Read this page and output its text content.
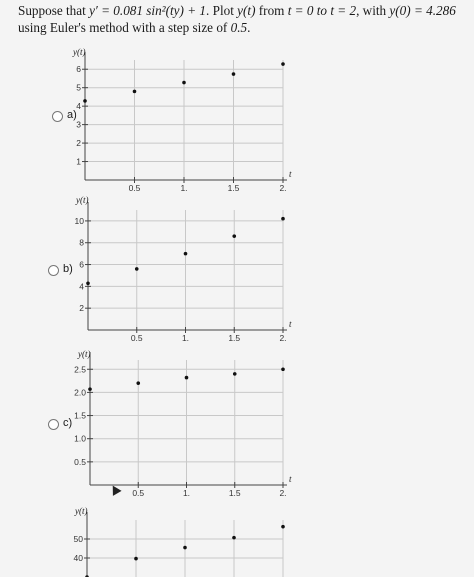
Suppose that y′ = 0.081 sin²(ty) + 1. Plot y(t) from t = 0 to t = 2, with y(0) = 4.286
using Euler's method with a step size of 0.5.
a)
1
2
3
4
5
6
0.5	1.	1.5	2.
y(t)
t
b)
2
4
6
8
10
0.5	1.	1.5	2.
y(t)
t
c)
0.5
1.0
1.5
2.0
2.5
0.5	1.	1.5	2.
y(t)
t
40
50
y(t)
